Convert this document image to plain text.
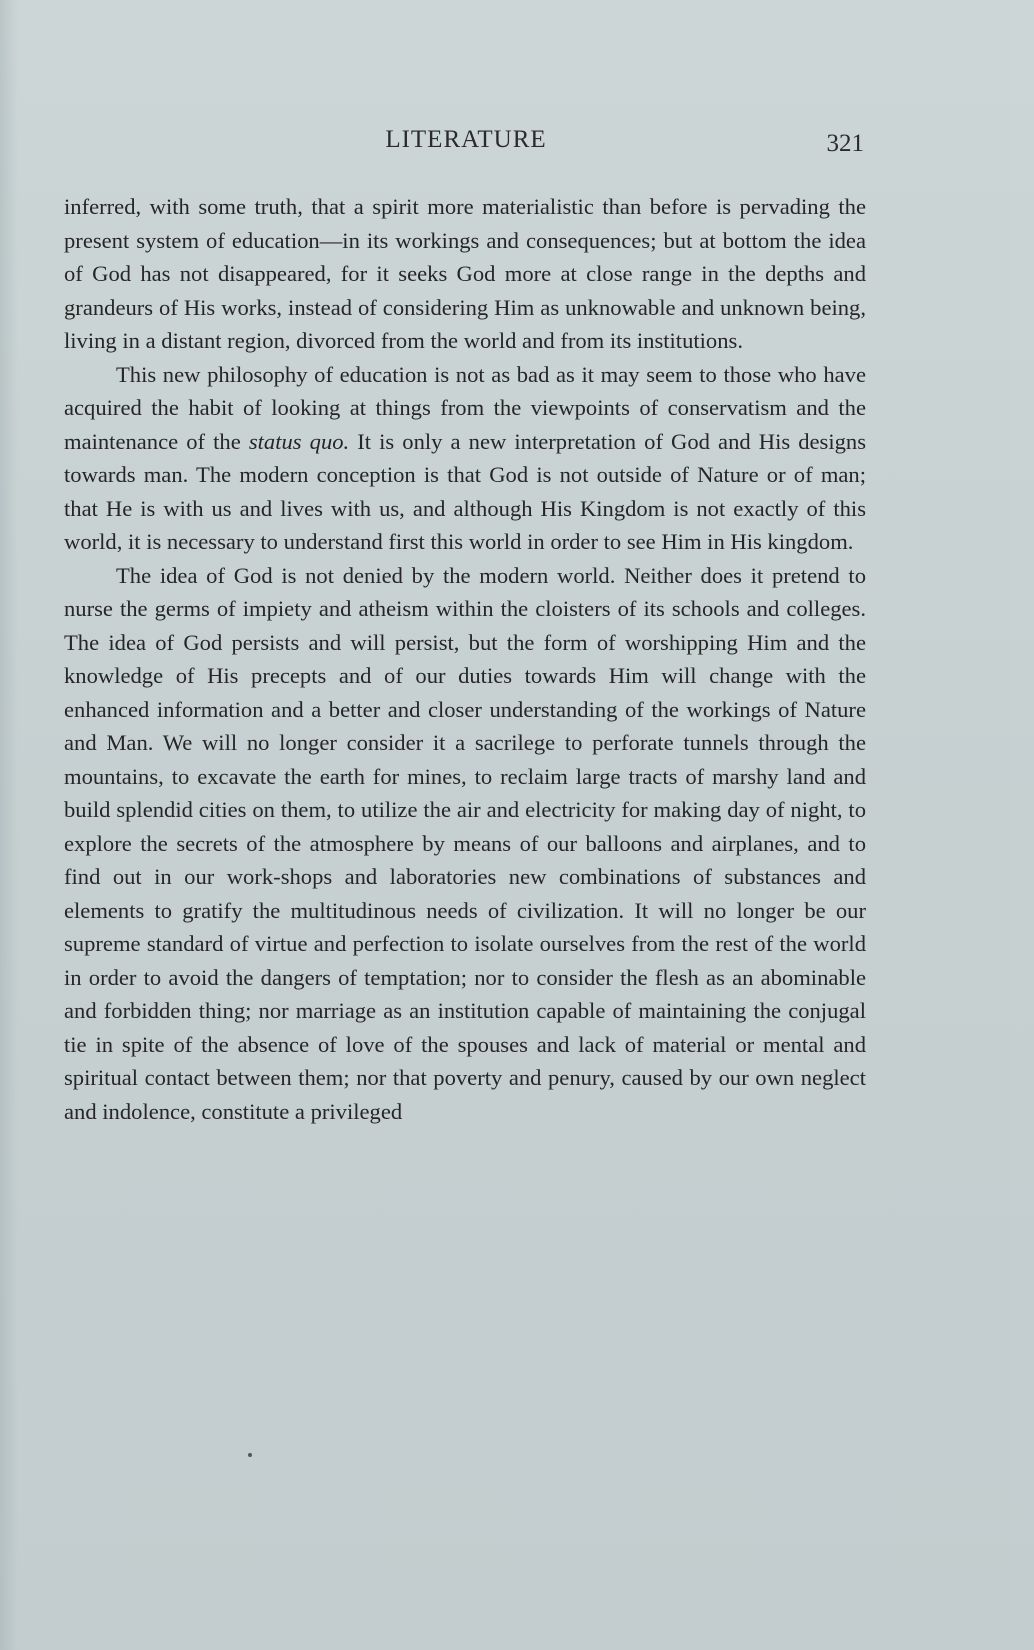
LITERATURE	321

inferred, with some truth, that a spirit more materialistic than before is pervading the present system of education—in its workings and consequences; but at bottom the idea of God has not disappeared, for it seeks God more at close range in the depths and grandeurs of His works, instead of considering Him as unknowable and unknown being, living in a distant region, divorced from the world and from its institutions.

This new philosophy of education is not as bad as it may seem to those who have acquired the habit of looking at things from the viewpoints of conservatism and the maintenance of the status quo. It is only a new interpretation of God and His designs towards man. The modern conception is that God is not outside of Nature or of man; that He is with us and lives with us, and although His Kingdom is not exactly of this world, it is necessary to understand first this world in order to see Him in His kingdom.

The idea of God is not denied by the modern world. Neither does it pretend to nurse the germs of impiety and atheism within the cloisters of its schools and colleges. The idea of God persists and will persist, but the form of worshipping Him and the knowledge of His precepts and of our duties towards Him will change with the enhanced information and a better and closer understanding of the workings of Nature and Man. We will no longer consider it a sacrilege to perforate tunnels through the mountains, to excavate the earth for mines, to reclaim large tracts of marshy land and build splendid cities on them, to utilize the air and electricity for making day of night, to explore the secrets of the atmosphere by means of our balloons and airplanes, and to find out in our work-shops and laboratories new combinations of substances and elements to gratify the multitudinous needs of civilization. It will no longer be our supreme standard of virtue and perfection to isolate ourselves from the rest of the world in order to avoid the dangers of temptation; nor to consider the flesh as an abominable and forbidden thing; nor marriage as an institution capable of maintaining the conjugal tie in spite of the absence of love of the spouses and lack of material or mental and spiritual contact between them; nor that poverty and penury, caused by our own neglect and indolence, constitute a privileged
